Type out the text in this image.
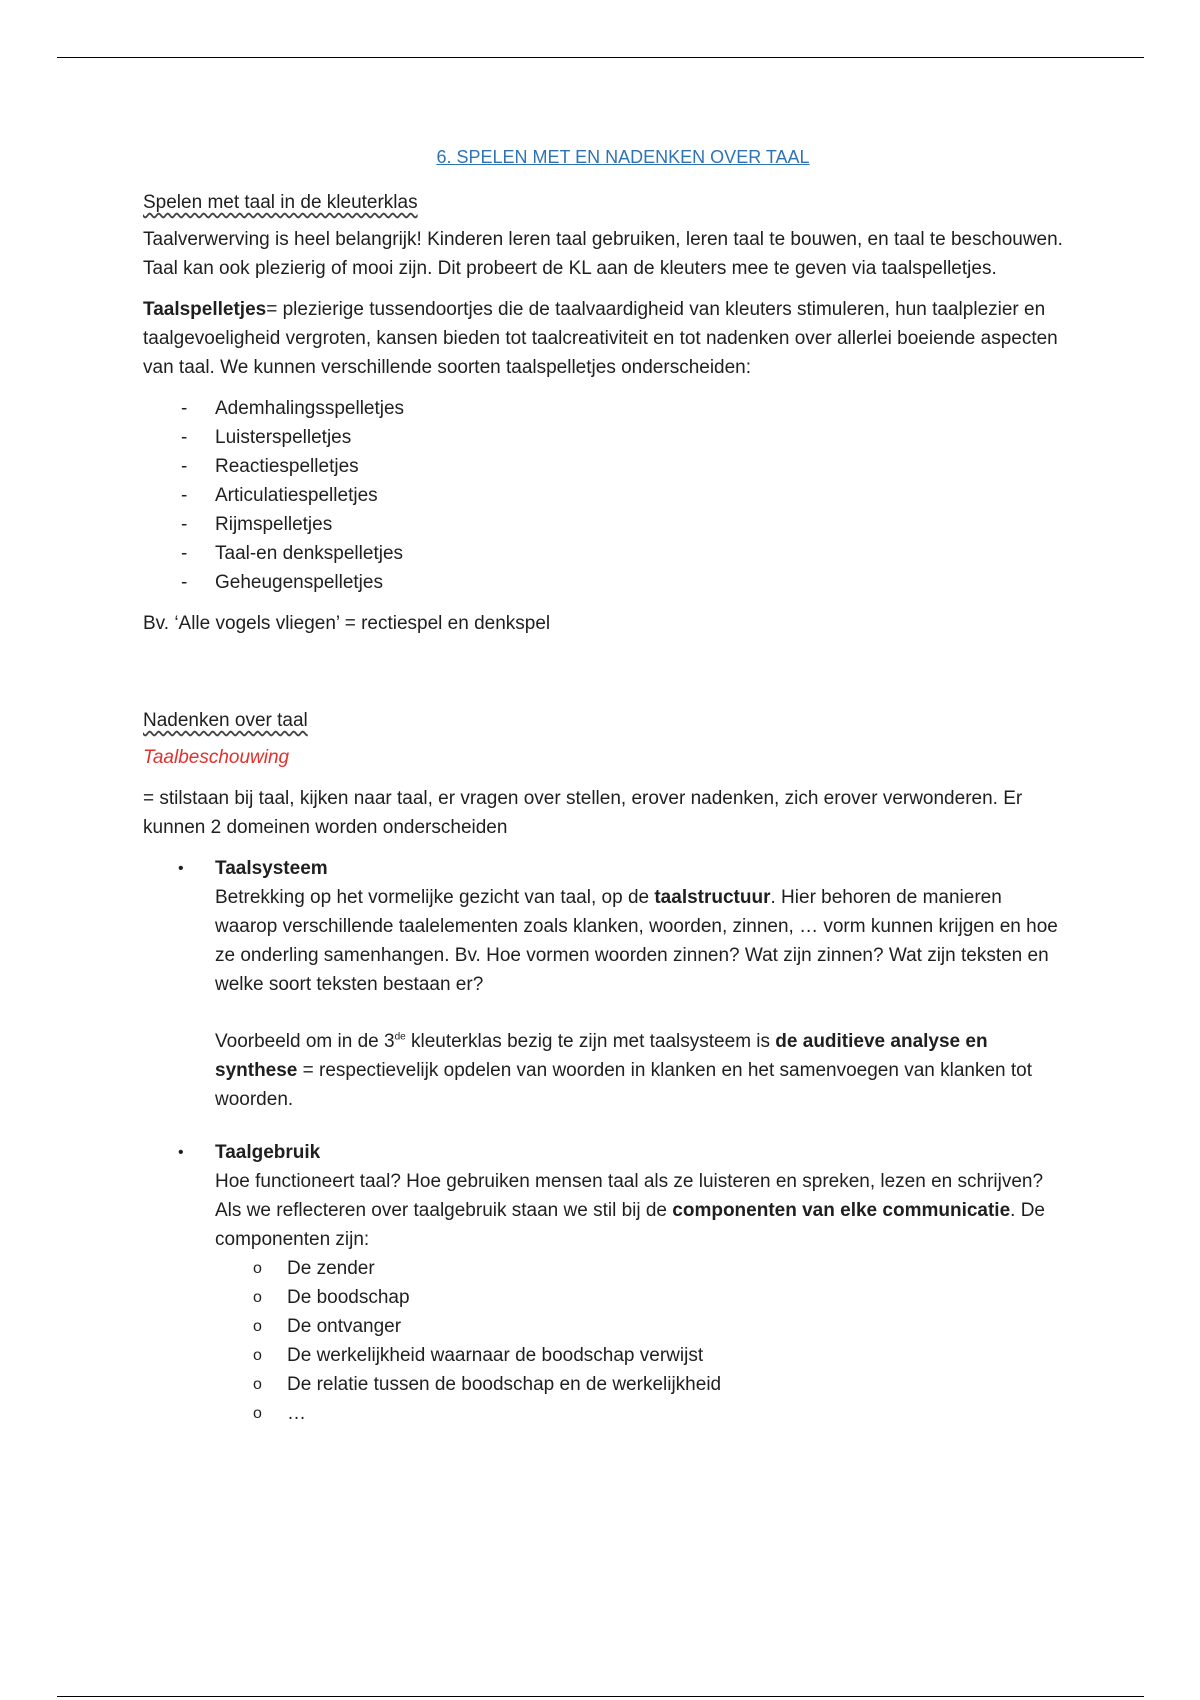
6. SPELEN MET EN NADENKEN OVER TAAL
Spelen met taal in de kleuterklas

Taalverwerving is heel belangrijk! Kinderen leren taal gebruiken, leren taal te bouwen, en taal te beschouwen. Taal kan ook plezierig of mooi zijn. Dit probeert de KL aan de kleuters mee te geven via taalspelletjes.

Taalspelletjes= plezierige tussendoortjes die de taalvaardigheid van kleuters stimuleren, hun taalplezier en taalgevoeligheid vergroten, kansen bieden tot taalcreativiteit en tot nadenken over allerlei boeiende aspecten van taal. We kunnen verschillende soorten taalspelletjes onderscheiden:

- Ademhalingsspelletjes
- Luisterspelletjes
- Reactiespelletjes
- Articulatiespelletjes
- Rijmspelletjes
- Taal-en denkspelletjes
- Geheugenspelletjes

Bv. ‘Alle vogels vliegen’ = rectiespel en denkspel

Nadenken over taal
Taalbeschouwing

= stilstaan bij taal, kijken naar taal, er vragen over stellen, erover nadenken, zich erover verwonderen. Er kunnen 2 domeinen worden onderscheiden

• Taalsysteem
Betrekking op het vormelijke gezicht van taal, op de taalstructuur. Hier behoren de manieren waarop verschillende taalelementen zoals klanken, woorden, zinnen, … vorm kunnen krijgen en hoe ze onderling samenhangen. Bv. Hoe vormen woorden zinnen? Wat zijn zinnen? Wat zijn teksten en welke soort teksten bestaan er?
Voorbeeld om in de 3de kleuterklas bezig te zijn met taalsysteem is de auditieve analyse en synthese = respectievelijk opdelen van woorden in klanken en het samenvoegen van klanken tot woorden.
• Taalgebruik
Hoe functioneert taal? Hoe gebruiken mensen taal als ze luisteren en spreken, lezen en schrijven? Als we reflecteren over taalgebruik staan we stil bij de componenten van elke communicatie. De componenten zijn:
o De zender
o De boodschap
o De ontvanger
o De werkelijkheid waarnaar de boodschap verwijst
o De relatie tussen de boodschap en de werkelijkheid
o …
